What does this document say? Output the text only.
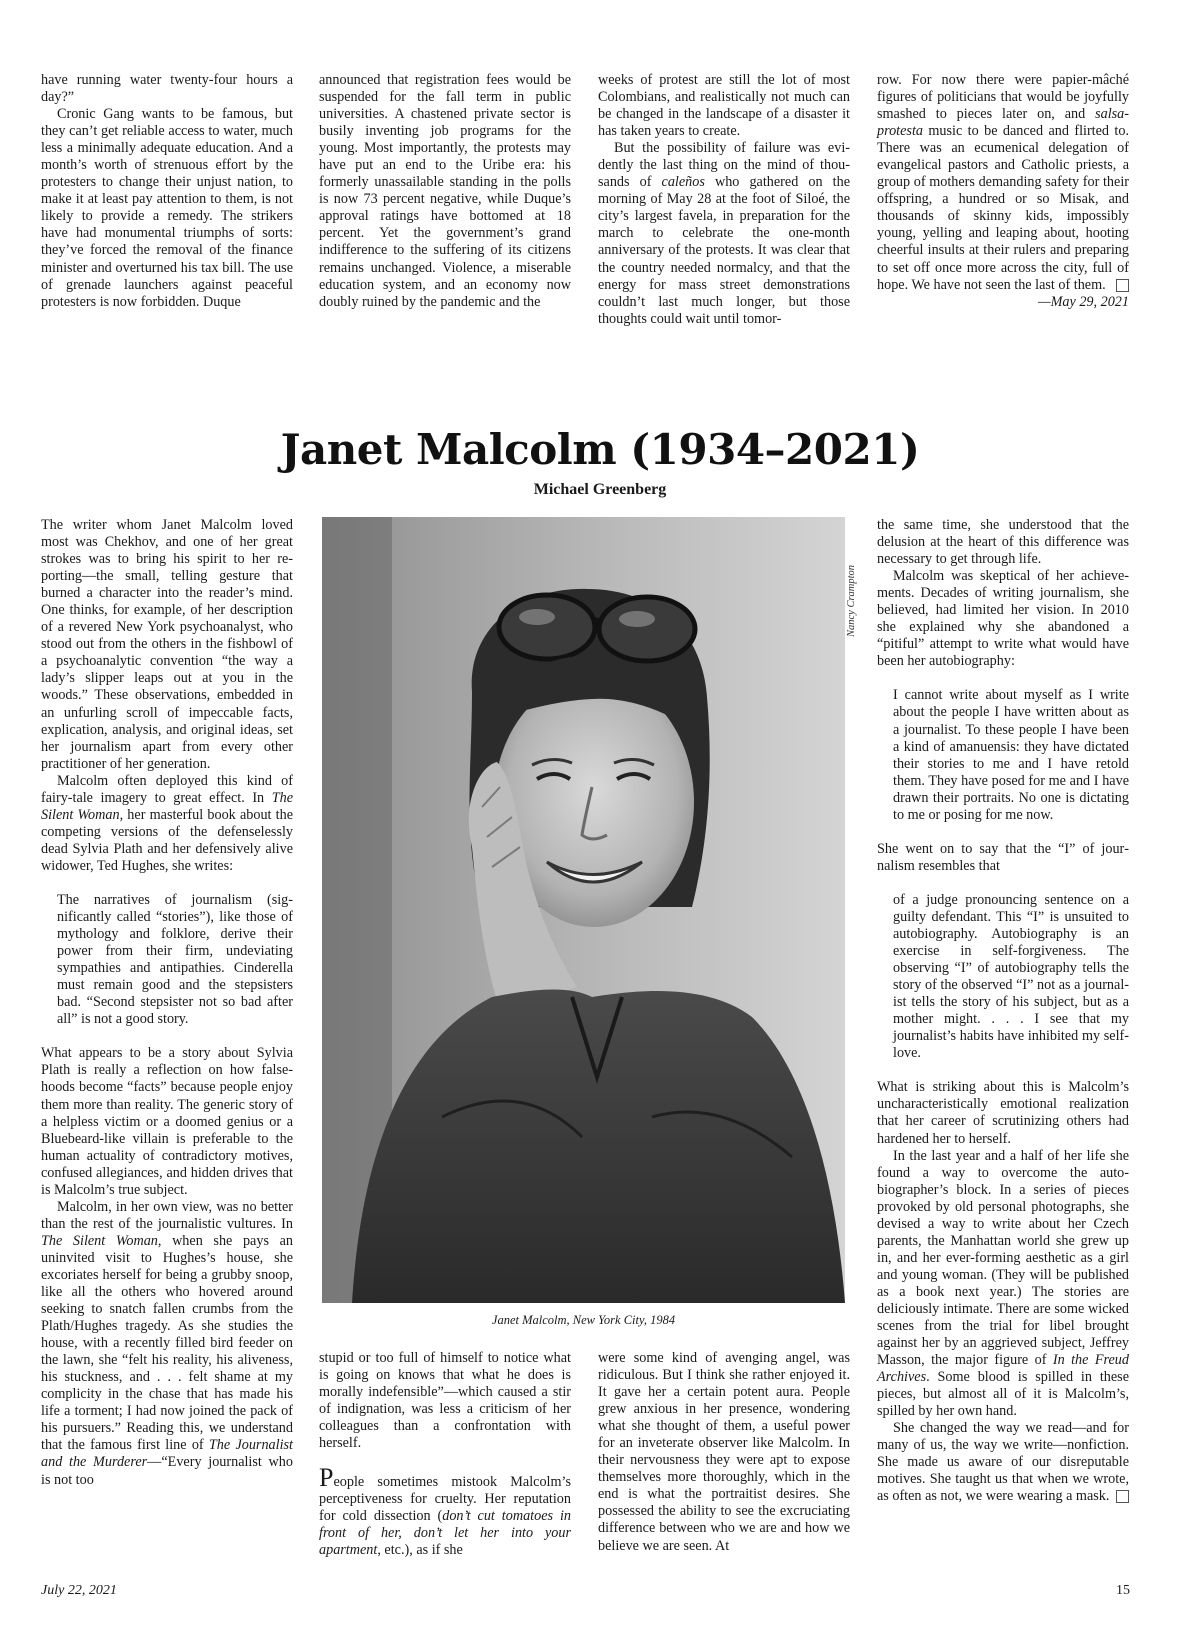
have running water twenty-four hours a day?”

Cronic Gang wants to be famous, but they can’t get reliable access to water, much less a minimally adequate education. And a month’s worth of strenuous effort by the protesters to change their unjust nation, to make it at least pay attention to them, is not likely to provide a remedy. The strikers have had monumental triumphs of sorts: they’ve forced the removal of the finance minister and overturned his tax bill. The use of grenade launchers against peaceful protesters is now forbidden. Duque

announced that registration fees would be suspended for the fall term in public universities. A chastened private sector is busily inventing job programs for the young. Most importantly, the protests may have put an end to the Uribe era: his formerly unassailable standing in the polls is now 73 percent negative, while Duque’s approval ratings have bottomed at 18 percent. Yet the government’s grand indifference to the suffering of its citizens remains unchanged. Violence, a miserable education system, and an economy now doubly ruined by the pandemic and the

weeks of protest are still the lot of most Colombians, and realistically not much can be changed in the landscape of a disaster it has taken years to create.

But the possibility of failure was evidently the last thing on the mind of thousands of caleños who gathered on the morning of May 28 at the foot of Siloé, the city’s largest favela, in preparation for the march to celebrate the one-month anniversary of the protests. It was clear that the country needed normalcy, and that the energy for mass street demonstrations couldn’t last much longer, but those thoughts could wait until tomor-

row. For now there were papier-mâché figures of politicians that would be joyfully smashed to pieces later on, and salsa-protesta music to be danced and flirted to. There was an ecumenical delegation of evangelical pastors and Catholic priests, a group of mothers demanding safety for their offspring, a hundred or so Misak, and thousands of skinny kids, impossibly young, yelling and leaping about, hooting cheerful insults at their rulers and preparing to set off once more across the city, full of hope. We have not seen the last of them.

—May 29, 2021
Janet Malcolm (1934–2021)
Michael Greenberg

The writer whom Janet Malcolm loved most was Chekhov, and one of her great strokes was to bring his spirit to her reporting—the small, telling gesture that burned a character into the reader’s mind. One thinks, for example, of her description of a revered New York psychoanalyst, who stood out from the others in the fishbowl of a psychoanalytic convention “the way a lady’s slipper leaps out at you in the woods.” These observations, embedded in an unfurling scroll of impeccable facts, explication, analysis, and original ideas, set her journalism apart from every other practitioner of her generation.

Malcolm often deployed this kind of fairy-tale imagery to great effect. In The Silent Woman, her masterful book about the competing versions of the defenselessly dead Sylvia Plath and her defensively alive widower, Ted Hughes, she writes:

The narratives of journalism (significantly called “stories”), like those of mythology and folklore, derive their power from their firm, undeviating sympathies and antipathies. Cinderella must remain good and the stepsisters bad. “Second stepsister not so bad after all” is not a good story.

What appears to be a story about Sylvia Plath is really a reflection on how falsehoods become “facts” because people enjoy them more than reality. The generic story of a helpless victim or a doomed genius or a Bluebeard-like villain is preferable to the human actuality of contradictory motives, confused allegiances, and hidden drives that is Malcolm’s true subject.

Malcolm, in her own view, was no better than the rest of the journalistic vultures. In The Silent Woman, when she pays an uninvited visit to Hughes’s house, she excoriates herself for being a grubby snoop, like all the others who hovered around seeking to snatch fallen crumbs from the Plath/Hughes tragedy. As she studies the house, with a recently filled bird feeder on the lawn, she “felt his reality, his aliveness, his stuckness, and . . . felt shame at my complicity in the chase that has made his life a torment; I had now joined the pack of his pursuers.” Reading this, we understand that the famous first line of The Journalist and the Murderer—“Every journalist who is not too

Nancy Crampton
Janet Malcolm, New York City, 1984

stupid or too full of himself to notice what is going on knows that what he does is morally indefensible”—which caused a stir of indignation, was less a criticism of her colleagues than a confrontation with herself.

People sometimes mistook Malcolm’s perceptiveness for cruelty. Her reputation for cold dissection (don’t cut tomatoes in front of her, don’t let her into your apartment, etc.), as if she

were some kind of avenging angel, was ridiculous. But I think she rather enjoyed it. It gave her a certain potent aura. People grew anxious in her presence, wondering what she thought of them, a useful power for an inveterate observer like Malcolm. In their nervousness they were apt to expose themselves more thoroughly, which in the end is what the portraitist desires. She possessed the ability to see the excruciating difference between who we are and how we believe we are seen. At

the same time, she understood that the delusion at the heart of this difference was necessary to get through life.

Malcolm was skeptical of her achievements. Decades of writing journalism, she believed, had limited her vision. In 2010 she explained why she abandoned a “pitiful” attempt to write what would have been her autobiography:

I cannot write about myself as I write about the people I have written about as a journalist. To these people I have been a kind of amanuensis: they have dictated their stories to me and I have retold them. They have posed for me and I have drawn their portraits. No one is dictating to me or posing for me now.

She went on to say that the “I” of journalism resembles that

of a judge pronouncing sentence on a guilty defendant. This “I” is unsuited to autobiography. Autobiography is an exercise in self-forgiveness. The observing “I” of autobiography tells the story of the observed “I” not as a journalist tells the story of his subject, but as a mother might. . . . I see that my journalist’s habits have inhibited my self-love.

What is striking about this is Malcolm’s uncharacteristically emotional realization that her career of scrutinizing others had hardened her to herself.

In the last year and a half of her life she found a way to overcome the autobiographer’s block. In a series of pieces provoked by old personal photographs, she devised a way to write about her Czech parents, the Manhattan world she grew up in, and her ever-forming aesthetic as a girl and young woman. (They will be published as a book next year.) The stories are deliciously intimate. There are some wicked scenes from the trial for libel brought against her by an aggrieved subject, Jeffrey Masson, the major figure of In the Freud Archives. Some blood is spilled in these pieces, but almost all of it is Malcolm’s, spilled by her own hand.

She changed the way we read—and for many of us, the way we write—nonfiction. She made us aware of our disreputable motives. She taught us that when we wrote, as often as not, we were wearing a mask.

July 22, 2021	15
